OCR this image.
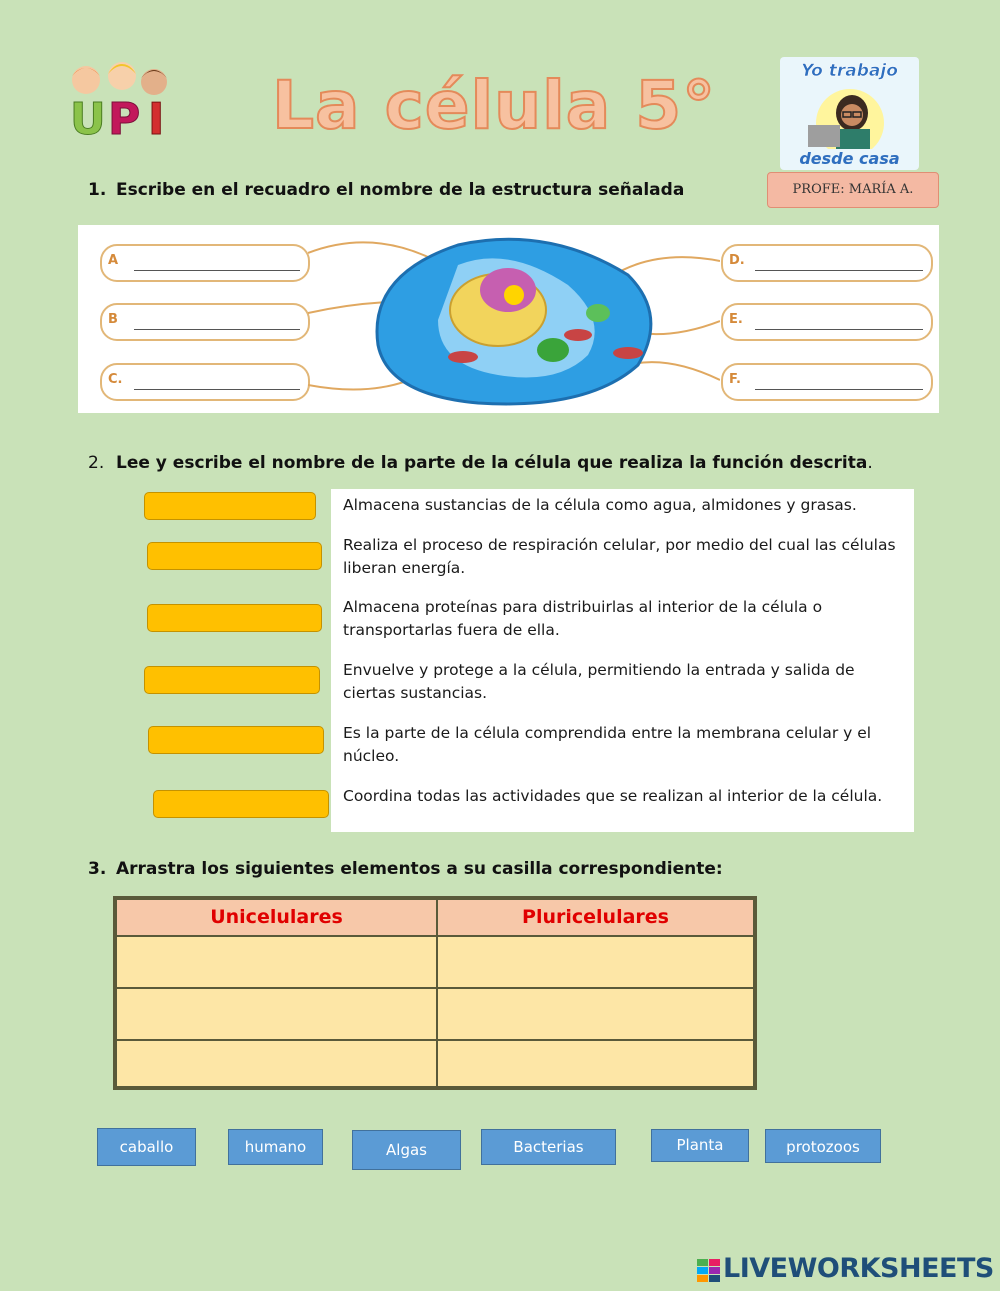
U P I La célula 5°	Yo trabajo
desde casa
PROFE: MARÍA A.
1. Escribe en el recuadro el nombre de la estructura señalada
A
B
C.
D.
E.
F.
2. Lee y escribe el nombre de la parte de la célula que realiza la función descrita.
Almacena sustancias de la célula como agua, almidones y grasas.
Realiza el proceso de respiración celular, por medio del cual las células liberan energía.
Almacena proteínas para distribuirlas al interior de la célula o transportarlas fuera de ella.
Envuelve y protege a la célula, permitiendo la entrada y salida de ciertas sustancias.
Es la parte de la célula comprendida entre la membrana celular y el núcleo.
Coordina todas las actividades que se realizan al interior de la célula.
3. Arrastra los siguientes elementos a su casilla correspondiente:
Unicelulares	Pluricelulares
caballo	humano	Algas	Bacterias	Planta	protozoos
LIVEWORKSHEETS
